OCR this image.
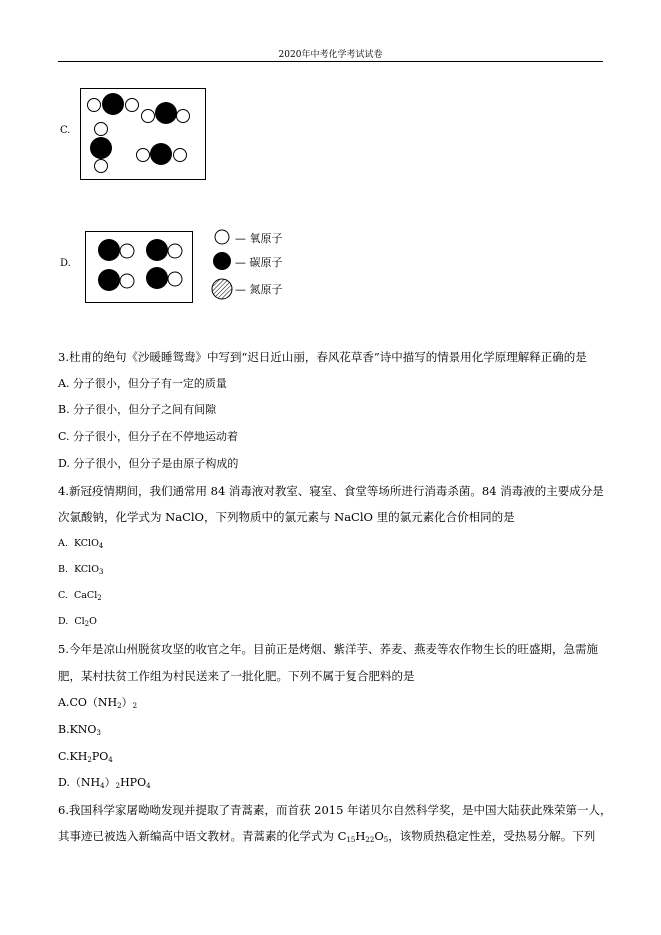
2020年中考化学考试试卷
C.
D.
— 氧原子
— 碳原子
— 氮原子
3.杜甫的绝句《沙暖睡鸳鸯》中写到“迟日近山丽，春风花草香”诗中描写的情景用化学原理解释正确的是
A. 分子很小，但分子有一定的质量
B. 分子很小，但分子之间有间隙
C. 分子很小，但分子在不停地运动着
D. 分子很小，但分子是由原子构成的
4.新冠疫情期间，我们通常用 84 消毒液对教室、寝室、食堂等场所进行消毒杀菌。84 消毒液的主要成分是
次氯酸钠，化学式为 NaClO，下列物质中的氯元素与 NaClO 里的氯元素化合价相同的是
A. KClO$_4$
B. KClO$_3$
C. CaCl$_2$
D. $Cl_2O$
5.今年是凉山州脱贫攻坚的收官之年。目前正是烤烟、紫洋芋、荞麦、燕麦等农作物生长的旺盛期，急需施
肥，某村扶贫工作组为村民送来了一批化肥。下列不属于复合肥料的是
$A.CO(NH_2)_2$
$B.KNO_3$
$C.KH_2PO_4$
$D.(NH_4)_2HPO_4$
6.我国科学家屠呦呦发现并提取了青蒿素，而首获 2015 年诺贝尔自然科学奖，是中国大陆获此殊荣第一人，
其事迹已被选入新编高中语文教材。青蒿素的化学式为 $C_{15}H_{22}O_5$，该物质热稳定性差，受热易分解。下列
